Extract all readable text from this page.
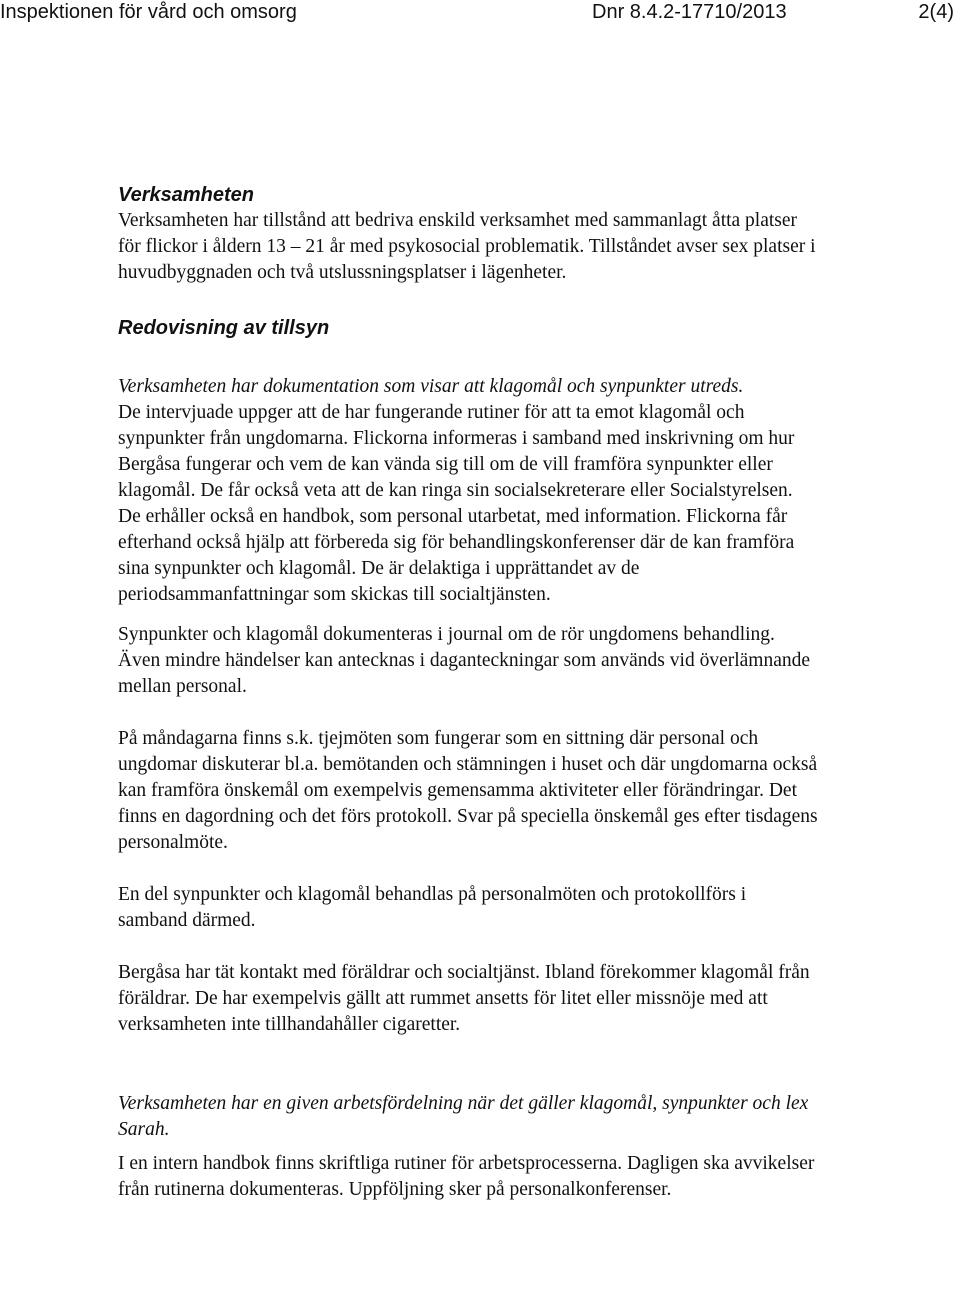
Inspektionen för vård och omsorg	Dnr 8.4.2-17710/2013	2(4)
Verksamheten

Verksamheten har tillstånd att bedriva enskild verksamhet med sammanlagt åtta platser för flickor i åldern 13 – 21 år med psykosocial problematik. Tillståndet avser sex platser i huvudbyggnaden och två utslussningsplatser i lägenheter.

Redovisning av tillsyn

Verksamheten har dokumentation som visar att klagomål och synpunkter utreds.

De intervjuade uppger att de har fungerande rutiner för att ta emot klagomål och synpunkter från ungdomarna. Flickorna informeras i samband med inskrivning om hur Bergåsa fungerar och vem de kan vända sig till om de vill framföra synpunkter eller klagomål. De får också veta att de kan ringa sin socialsekreterare eller Socialstyrelsen. De erhåller också en handbok, som personal utarbetat, med information. Flickorna får efterhand också hjälp att förbereda sig för behandlingskonferenser där de kan framföra sina synpunkter och klagomål. De är delaktiga i upprättandet av de periodsammanfattningar som skickas till socialtjänsten.

Synpunkter och klagomål dokumenteras i journal om de rör ungdomens behandling. Även mindre händelser kan antecknas i daganteckningar som används vid överlämnande mellan personal.

På måndagarna finns s.k. tjejmöten som fungerar som en sittning där personal och ungdomar diskuterar bl.a. bemötanden och stämningen i huset och där ungdomarna också kan framföra önskemål om exempelvis gemensamma aktiviteter eller förändringar. Det finns en dagordning och det förs protokoll. Svar på speciella önskemål ges efter tisdagens personalmöte.

En del synpunkter och klagomål behandlas på personalmöten och protokollförs i samband därmed.

Bergåsa har tät kontakt med föräldrar och socialtjänst. Ibland förekommer klagomål från föräldrar. De har exempelvis gällt att rummet ansetts för litet eller missnöje med att verksamheten inte tillhandahåller cigaretter.

Verksamheten har en given arbetsfördelning när det gäller klagomål, synpunkter och lex Sarah.

I en intern handbok finns skriftliga rutiner för arbetsprocesserna. Dagligen ska avvikelser från rutinerna dokumenteras. Uppföljning sker på personalkonferenser.
